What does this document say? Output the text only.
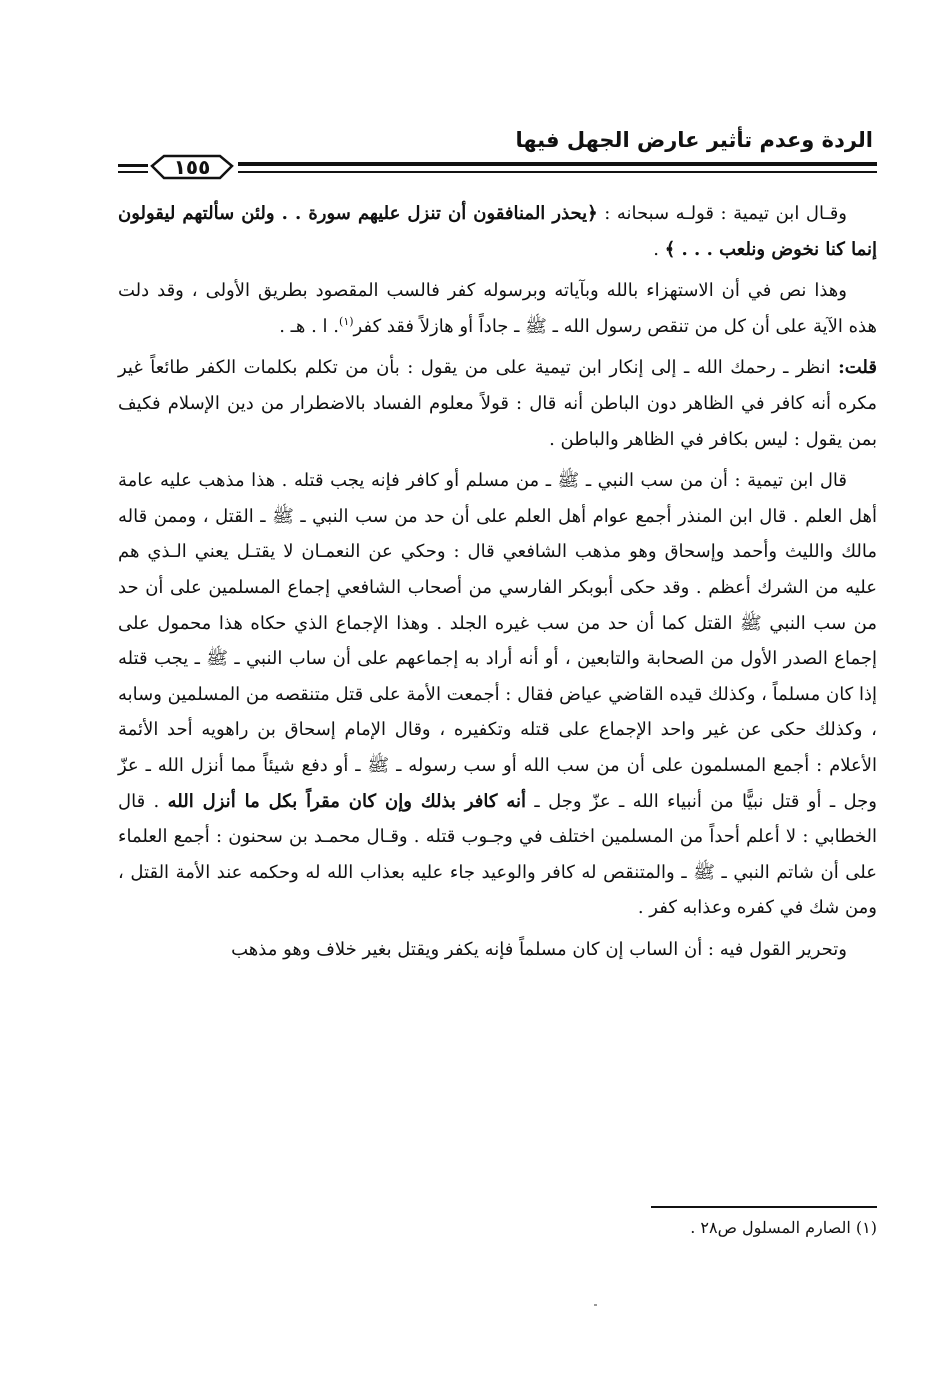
الردة وعدم تأثير عارض الجهل فيها
١٥٥

وقـال ابن تيمية : قولـه سبحانه : ﴿يحذر المنافقون أن تنزل عليهم سورة . . ولئن سألتهم ليقولون إنما كنا نخوض ونلعب . . . ﴾ .

وهذا نص في أن الاستهزاء بالله وبآياته وبرسوله كفر فالسب المقصود بطريق الأولى ، وقد دلت هذه الآية على أن كل من تنقص رسول الله ـ ﷺ ـ جاداً أو هازلاً فقد كفر$^{(١)}$. ا . هـ .

قلت: انظر ـ رحمك الله ـ إلى إنكار ابن تيمية على من يقول : بأن من تكلم بكلمات الكفر طائعاً غير مكره أنه كافر في الظاهر دون الباطن أنه قال : قولاً معلوم الفساد بالاضطرار من دين الإسلام فكيف بمن يقول : ليس بكافر في الظاهر والباطن .

قال ابن تيمية : أن من سب النبي ـ ﷺ ـ من مسلم أو كافر فإنه يجب قتله . هذا مذهب عليه عامة أهل العلم . قال ابن المنذر أجمع عوام أهل العلم على أن حد من سب النبي ـ ﷺ ـ القتل ، وممن قاله مالك والليث وأحمد وإسحاق وهو مذهب الشافعي قال : وحكي عن النعمـان لا يقتـل يعني الـذي هم عليه من الشرك أعظم . وقد حكى أبوبكر الفارسي من أصحاب الشافعي إجماع المسلمين على أن حد من سب النبي ﷺ القتل كما أن حد من سب غيره الجلد . وهذا الإجماع الذي حكاه هذا محمول على إجماع الصدر الأول من الصحابة والتابعين ، أو أنه أراد به إجماعهم على أن ساب النبي ـ ﷺ ـ يجب قتله إذا كان مسلماً ، وكذلك قيده القاضي عياض فقال : أجمعت الأمة على قتل متنقصه من المسلمين وسابه ، وكذلك حكى عن غير واحد الإجماع على قتله وتكفيره ، وقال الإمام إسحاق بن راهويه أحد الأئمة الأعلام : أجمع المسلمون على أن من سب الله أو سب رسوله ـ ﷺ ـ أو دفع شيئاً مما أنزل الله ـ عزّ وجل ـ أو قتل نبيًّا من أنبياء الله ـ عزّ وجل ـ أنه كافر بذلك وإن كان مقراً بكل ما أنزل الله . قال الخطابي : لا أعلم أحداً من المسلمين اختلف في وجـوب قتله . وقـال محمـد بن سحنون : أجمع العلماء على أن شاتم النبي ـ ﷺ ـ والمتنقص له كافر والوعيد جاء عليه بعذاب الله له وحكمه عند الأمة القتل ، ومن شك في كفره وعذابه كفر .

وتحرير القول فيه : أن الساب إن كان مسلماً فإنه يكفر ويقتل بغير خلاف وهو مذهب

(١) الصارم المسلول ص٢٨ .
